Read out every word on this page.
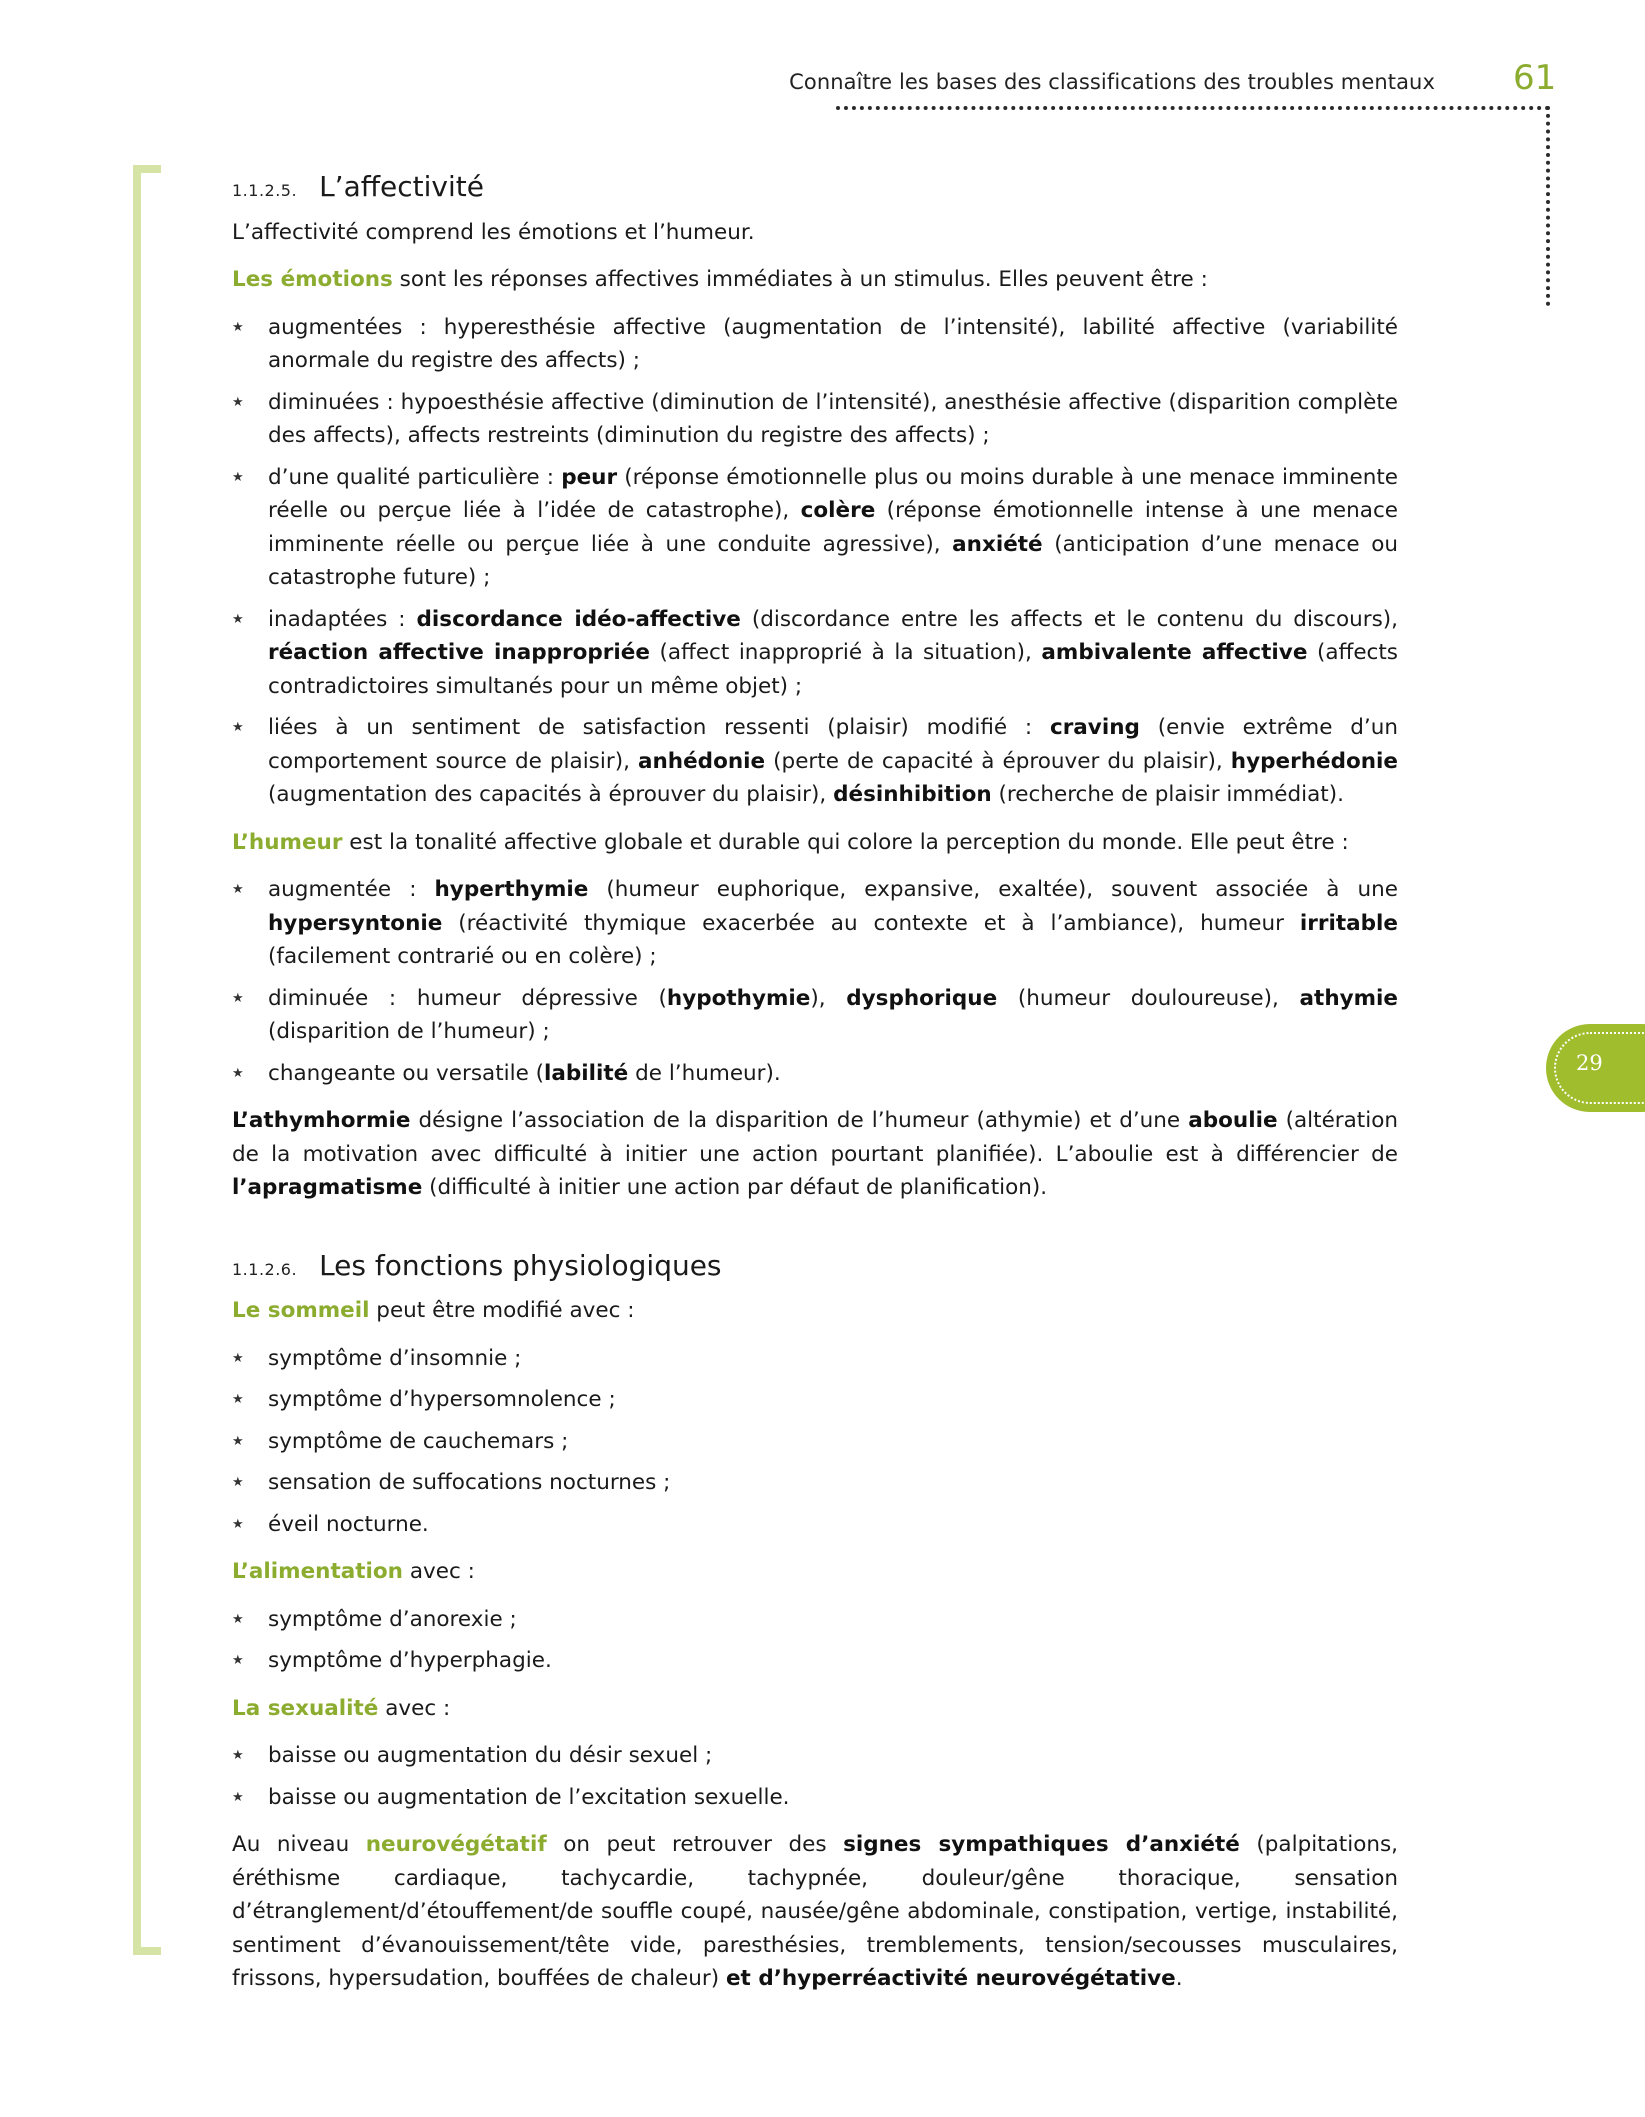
Connaître les bases des classifications des troubles mentaux 61
29
1.1.2.5. L’affectivité

L’affectivité comprend les émotions et l’humeur.

Les émotions sont les réponses affectives immédiates à un stimulus. Elles peuvent être :

★ augmentées : hyperesthésie affective (augmentation de l’intensité), labilité affective (variabilité anormale du registre des affects) ;
★ diminuées : hypoesthésie affective (diminution de l’intensité), anesthésie affective (disparition complète des affects), affects restreints (diminution du registre des affects) ;
★ d’une qualité particulière : peur (réponse émotionnelle plus ou moins durable à une menace imminente réelle ou perçue liée à l’idée de catastrophe), colère (réponse émotionnelle intense à une menace imminente réelle ou perçue liée à une conduite agressive), anxiété (anticipation d’une menace ou catastrophe future) ;
★ inadaptées : discordance idéo-affective (discordance entre les affects et le contenu du discours), réaction affective inappropriée (affect inapproprié à la situation), ambivalente affective (affects contradictoires simultanés pour un même objet) ;
★ liées à un sentiment de satisfaction ressenti (plaisir) modifié : craving (envie extrême d’un comportement source de plaisir), anhédonie (perte de capacité à éprouver du plaisir), hyperhédonie (augmentation des capacités à éprouver du plaisir), désinhibition (recherche de plaisir immédiat).

L’humeur est la tonalité affective globale et durable qui colore la perception du monde. Elle peut être :

★ augmentée : hyperthymie (humeur euphorique, expansive, exaltée), souvent associée à une hypersyntonie (réactivité thymique exacerbée au contexte et à l’ambiance), humeur irritable (facilement contrarié ou en colère) ;
★ diminuée : humeur dépressive (hypothymie), dysphorique (humeur douloureuse), athymie (disparition de l’humeur) ;
★ changeante ou versatile (labilité de l’humeur).

L’athymhormie désigne l’association de la disparition de l’humeur (athymie) et d’une aboulie (altération de la motivation avec difficulté à initier une action pourtant planifiée). L’aboulie est à différencier de l’apragmatisme (difficulté à initier une action par défaut de planification).

1.1.2.6. Les fonctions physiologiques

Le sommeil peut être modifié avec :

★ symptôme d’insomnie ;
★ symptôme d’hypersomnolence ;
★ symptôme de cauchemars ;
★ sensation de suffocations nocturnes ;
★ éveil nocturne.

L’alimentation avec :

★ symptôme d’anorexie ;
★ symptôme d’hyperphagie.

La sexualité avec :

★ baisse ou augmentation du désir sexuel ;
★ baisse ou augmentation de l’excitation sexuelle.

Au niveau neurovégétatif on peut retrouver des signes sympathiques d’anxiété (palpitations, éréthisme cardiaque, tachycardie, tachypnée, douleur/gêne thoracique, sensation d’étranglement/d’étouffement/de souffle coupé, nausée/gêne abdominale, constipation, vertige, instabilité, sentiment d’évanouissement/tête vide, paresthésies, tremblements, tension/secousses musculaires, frissons, hypersudation, bouffées de chaleur) et d’hyperréactivité neurovégétative.
